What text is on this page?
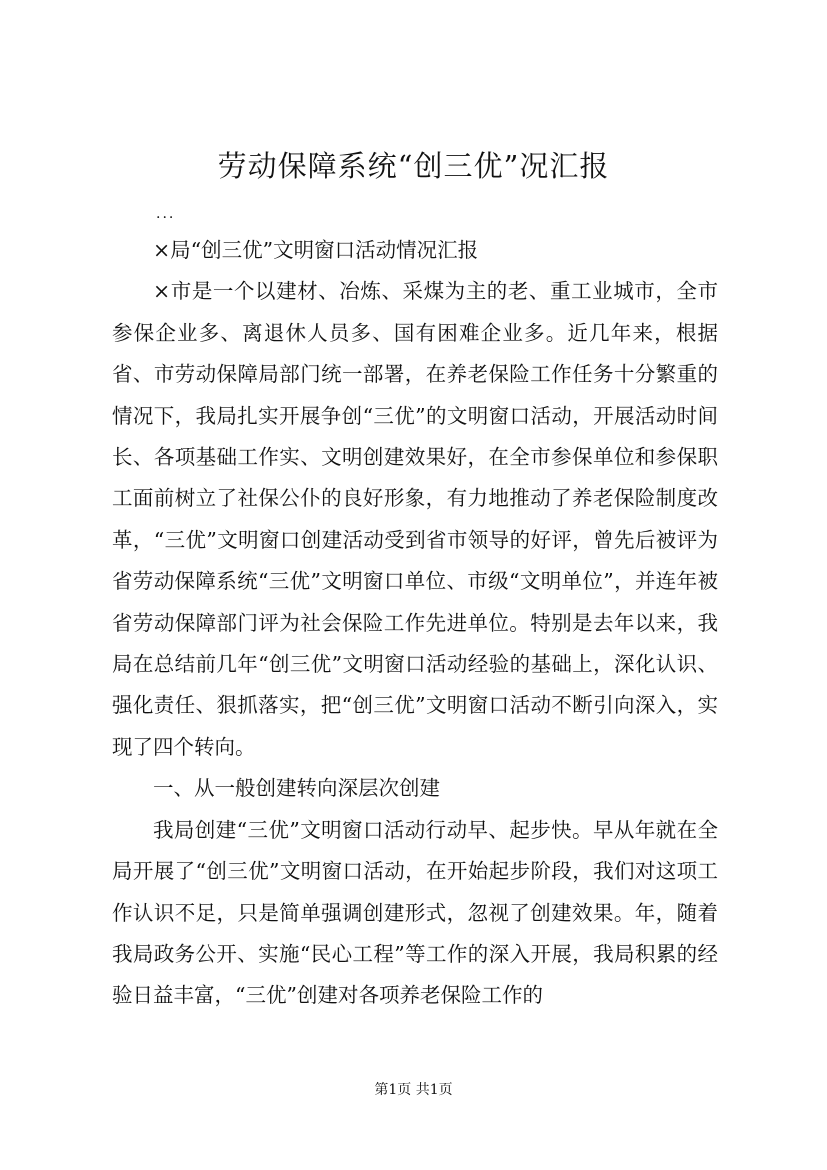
劳动保障系统“创三优”况汇报
...

×局“创三优”文明窗口活动情况汇报

×市是一个以建材、冶炼、采煤为主的老、重工业城市，全市参保企业多、离退休人员多、国有困难企业多。近几年来，根据省、市劳动保障局部门统一部署，在养老保险工作任务十分繁重的情况下，我局扎实开展争创“三优”的文明窗口活动，开展活动时间长、各项基础工作实、文明创建效果好，在全市参保单位和参保职工面前树立了社保公仆的良好形象，有力地推动了养老保险制度改革，“三优”文明窗口创建活动受到省市领导的好评，曾先后被评为省劳动保障系统“三优”文明窗口单位、市级“文明单位”，并连年被省劳动保障部门评为社会保险工作先进单位。特别是去年以来，我局在总结前几年“创三优”文明窗口活动经验的基础上，深化认识、强化责任、狠抓落实，把“创三优”文明窗口活动不断引向深入，实现了四个转向。

一、从一般创建转向深层次创建

我局创建“三优”文明窗口活动行动早、起步快。早从年就在全局开展了“创三优”文明窗口活动，在开始起步阶段，我们对这项工作认识不足，只是简单强调创建形式，忽视了创建效果。年，随着我局政务公开、实施“民心工程”等工作的深入开展，我局积累的经验日益丰富，“三优”创建对各项养老保险工作的

第1页 共1页
